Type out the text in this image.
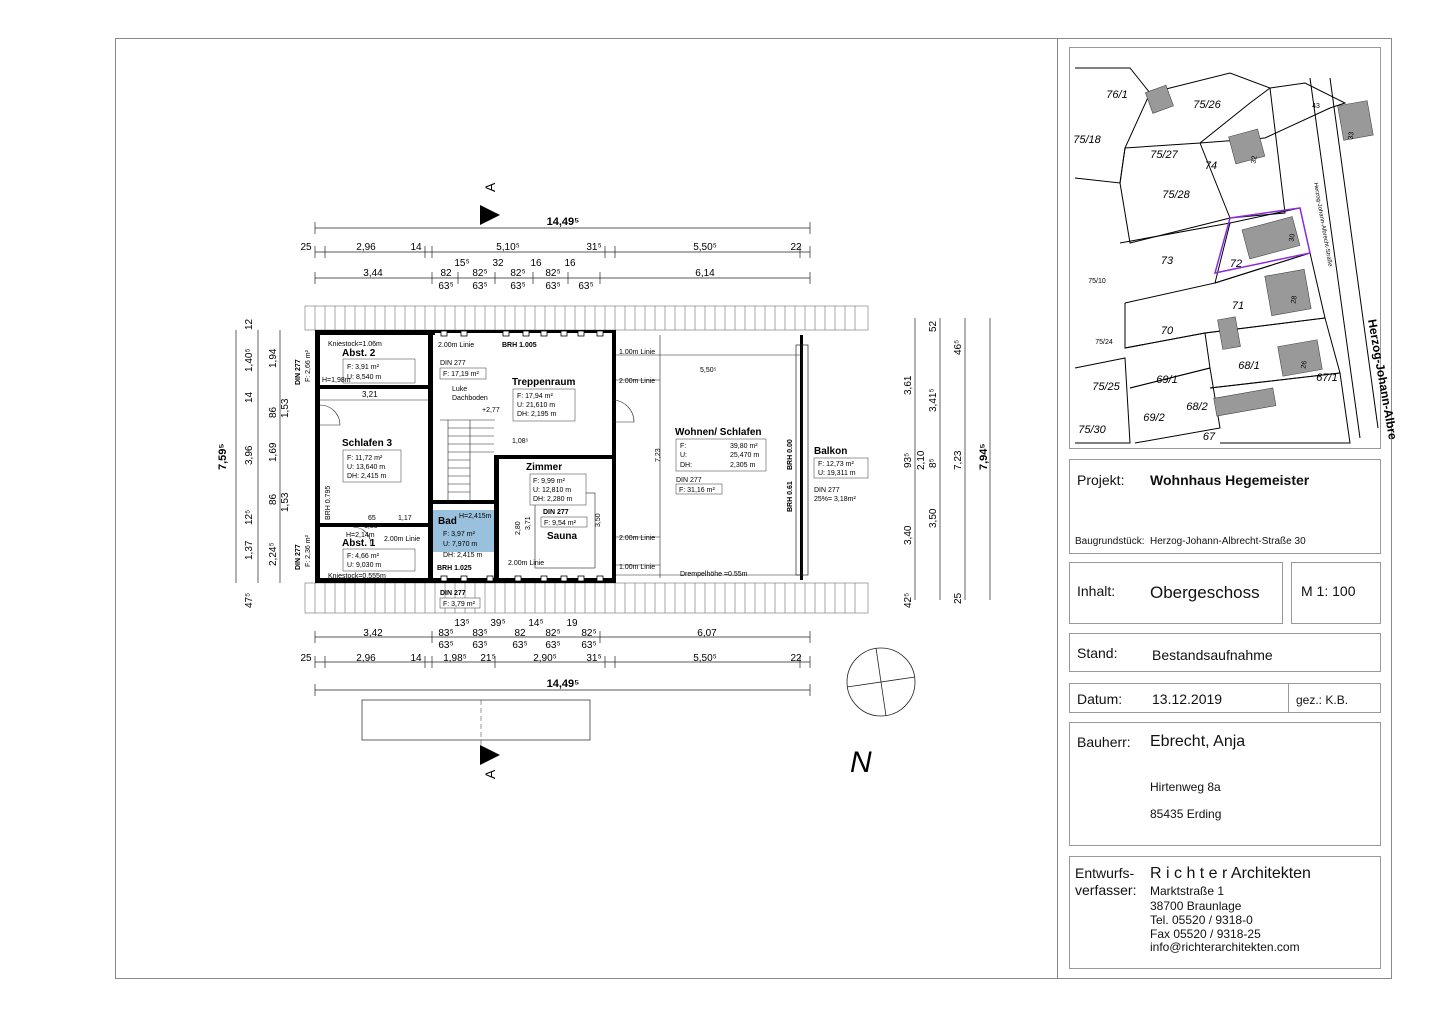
14,49⁵
25	2,96	14	5,10⁵	31⁵	5,50⁵	22
3,44	82
15⁵ 32
82⁵
16
82⁵
16
82⁵	6,14
63⁵ 63⁵ 63⁵ 63⁵ 63⁵
A
Kniestock=1.06m
Abst. 2
F: 3,91 m²
U: 8,540 m
H=1,98m
3,21
Schlafen 3
F: 11,72 m²
U: 13,640 m
DH: 2,415 m
65	1,17
1,85⁵
BRH 0.795
H=2,14m
Abst. 1
F: 4,66 m²
U: 9,030 m
Kniestock=0.555m
2.00m Linie
DIN 277 F: 2,66 m²
DIN 277 F: 2,36 m²
2.00m Linie
DIN 277
F: 17,19 m²
BRH 1.005
Luke
Dachboden
+2,77
Treppenraum
F: 17,94 m²
U: 21,610 m
DH: 2,195 m
1,08⁵
Bad H=2,415m
F: 3,97 m²
U: 7,970 m
DH: 2,415 m
BRH 1.025
Zimmer
F: 9,99 m²
U: 12,810 m
DH: 2,280 m
DIN 277
F: 9,54 m²
Sauna
3,50
2,80 3,71
2.00m Linie
1.00m Linie
2.00m Linie
5,50⁵
Wohnen/ Schlafen
F:	39,80 m²
U:	25,470 m
DH:	2,305 m
DIN 277
F: 31,16 m²
7,23
2.00m Linie
1.00m Linie
Drempelhöhe =0.55m
BRH 0.00
BRH 0.61
Balkon
F: 12,73 m²
U: 19,311 m
DIN 277
25%= 3,18m²
DIN 277
F: 3,79 m²
3,42	83⁵
13⁵
83⁵
39⁵
82
14⁵
82⁵
19
82⁵	6,07
63⁵ 63⁵ 63⁵ 63⁵ 63⁵
25	2,96	14 1,98⁵ 21⁵	2,90⁵	31⁵	5,50⁵	22
14,49⁵
A
7,59⁵
12
1,40⁵
14
3,96
12⁵
1,37
47⁵
1,94
86 1,53
1,69
86 1,53
2,24⁵
3,61
93⁵
3,40
42⁵
52
3,41⁵
2,10 8⁵
3,50
25
46⁵
7,23 7,94⁵
N
76/1
75/26
75/18
75/27
74
75/28
73	72
71
70
69/1
68/1
75/25
75/30
69/2
68/2
67
67/1
33
32
30
28
26
43
75/10
75/24	Herzog-Johann-Albre
Herzog-Johann-Albrecht-Straße
Projekt: Wohnhaus Hegemeister
Baugrundstück: Herzog-Johann-Albrecht-Straße 30
Inhalt: Obergeschoss	M 1: 100
Stand: Bestandsaufnahme
Datum: 13.12.2019	gez.: K.B.
Bauherr: Ebrecht, Anja
Hirtenweg 8a
85435 Erding
Entwurfs-
verfasser:
R i c h t e r Architekten
Marktstraße 1
38700 Braunlage
Tel. 05520 / 9318-0
Fax 05520 / 9318-25
info@richterarchitekten.com
